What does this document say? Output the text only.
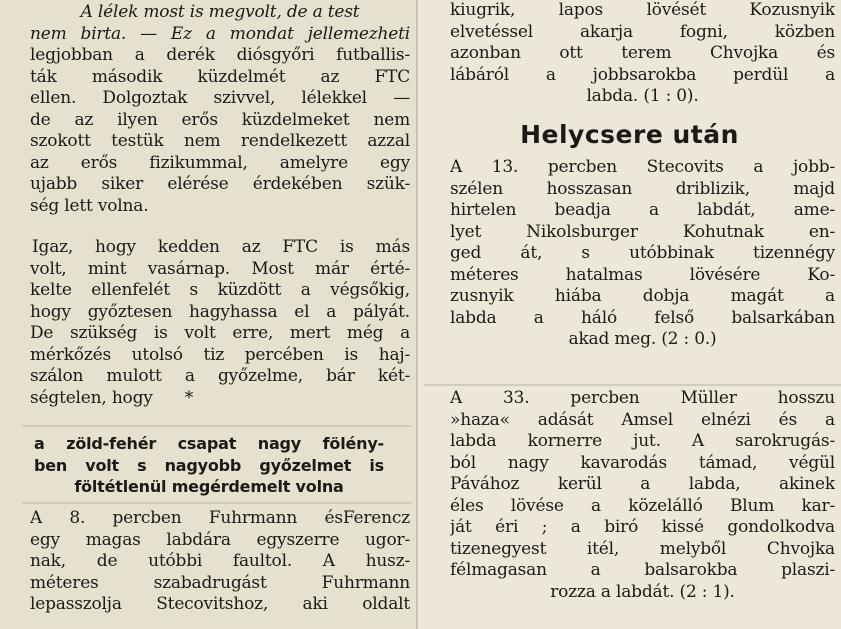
A lélek most is megvolt, de a test
nem birta. — Ez a mondat jellemezheti
legjobban a derék diósgyőri futballis-
ták második küzdelmét az FTC
ellen. Dolgoztak szivvel, lélekkel —
de az ilyen erős küzdelmeket nem
szokott testük nem rendelkezett azzal
az erős fizikummal, amelyre egy
ujabb siker elérése érdekében szük-
ség lett volna.
Igaz, hogy kedden az FTC is más
volt, mint vasárnap. Most már érté-
kelte ellenfelét s küzdött a végsőkig,
hogy győztesen hagyhassa el a pályát.
De szükség is volt erre, mert még a
mérkőzés utolsó tiz percében is haj-
szálon mulott a győzelme, bár két-
ségtelen, hogy *
a zöld-fehér csapat nagy fölény-
ben volt s nagyobb győzelmet is
föltétlenül megérdemelt volna
A 8. percben Fuhrmann ésFerencz
egy magas labdára egyszerre ugor-
nak, de utóbbi faultol. A husz-
méteres szabadrugást Fuhrmann
lepasszolja Stecovitshoz, aki oldalt
kiugrik, lapos lövését Kozusnyik
elvetéssel akarja fogni, közben
azonban ott terem Chvojka és
lábáról a jobbsarokba perdül a
labda. (1 : 0).
Helycsere után
A 13. percben Stecovits a jobb-
szélen hosszasan driblizik, majd
hirtelen beadja a labdát, ame-
lyet Nikolsburger Kohutnak en-
ged át, s utóbbinak tizennégy
méteres hatalmas lövésére Ko-
zusnyik hiába dobja magát a
labda a háló felső balsarkában
akad meg. (2 : 0.)
A 33. percben Müller hosszu
»haza« adását Amsel elnézi és a
labda kornerre jut. A sarokrugás-
ból nagy kavarodás támad, végül
Pávához kerül a labda, akinek
éles lövése a közelálló Blum kar-
ját éri ; a biró kissé gondolkodva
tizenegyest itél, melyből Chvojka
félmagasan a balsarokba plaszi-
rozza a labdát. (2 : 1).
